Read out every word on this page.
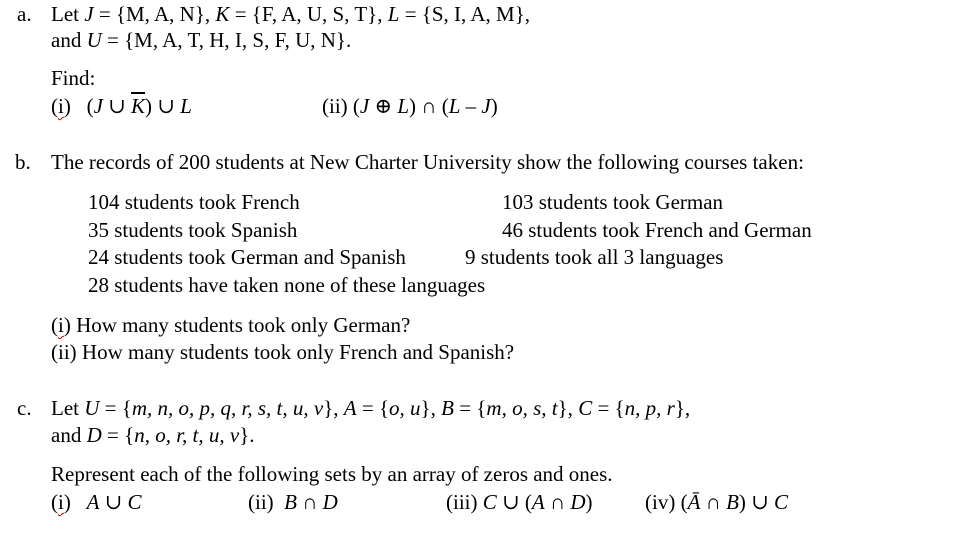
a. Let J = {M, A, N}, K = {F, A, U, S, T}, L = {S, I, A, M},
and U = {M, A, T, H, I, S, F, U, N}.
Find:
(i) (J ∪ $\overline{K}$) ∪ L	(ii) (J ⊕ L) ∩ (L – J)
b. The records of 200 students at New Charter University show the following courses taken:
104 students took French	103 students took German
35 students took Spanish	46 students took French and German
24 students took German and Spanish	9 students took all 3 languages
28 students have taken none of these languages
(i) How many students took only German?
(ii) How many students took only French and Spanish?
c. Let U = {m, n, o, p, q, r, s, t, u, v}, A = {o, u}, B = {m, o, s, t}, C = {n, p, r},
and D = {n, o, r, t, u, v}.
Represent each of the following sets by an array of zeros and ones.
(i) A ∪ C	(ii) B ∩ D	(iii) C ∪ (A ∩ D) (iv) (Ā ∩ B) ∪ C
